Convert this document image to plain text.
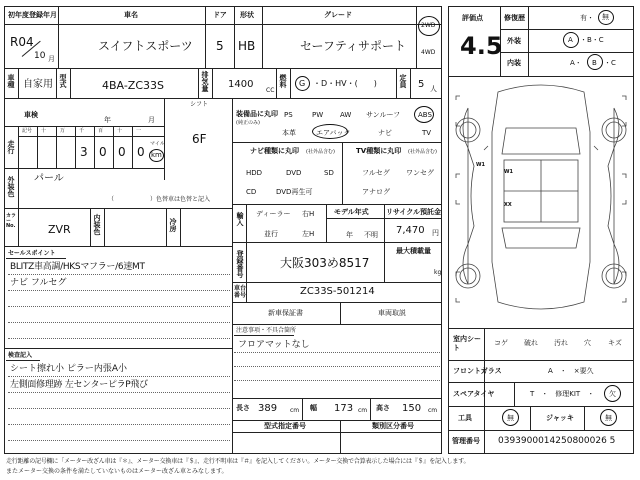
初年度登録年月
R04
10 月
車名
スイフトスポーツ
ドア
5
形状
HB
グレード
セーフティサポート
2WD
4WD
車種 自家用 型式	4BA-ZC33S	排気量 1400
CC
燃料 G ・D・HV・(　　)	定員 5 人
車検
年	月
シフト
6F
走行
記号 十	万	千
3
百
0
十
0
一
0
マイル
km
外装色 パール
（　　　　　　）色替車は色替と記入
カラー No.	ZVR	内装色	冷房
セールスポイント
BLITZ車高調/HKSマフラー/6速MT
ナビ フルセグ
検査記入
シート擦れ小 ピラー内張A小
左側面修理跡 左センターピラP飛び
装備品に丸印
(純正のみ)
PS	PW AW サンルーフ	ABS
本革	エアバック	ナビ	TV
ナビ種類に丸印 (社外品含む)
HDD	DVD	SD
CD	DVD再生可
TV種類に丸印 (社外品含む)
フルセグ ワンセグ
アナログ
輸入 ディーラー
並行
右H
左H
モデル年式
年 不明
リサイクル預託金
7,470 円
登録番号	大阪303め8517
最大積載量
kg
車台番号	ZC33S-501214
新車保証書	車両取説
注意事項・不具合箇所
フロアマットなし
長さ 389 cm 幅 173 cm 高さ 150 cm
型式指定番号	類別区分番号
評価点
4.5
修復歴	有・ 無
外装	A ・B・C
内装	A・ B ・C
W1
W1
XX
室内シート
コゲ 破れ 汚れ 穴 キズ
フロントガラス	A　・　×要久
スペアタイヤ	T　・　修理KIT　・ 欠
工具	無	ジャッキ	無
管理番号 0393900014250800026 5
走行距離の記号欄に「メーター改ざん車は『＊』、メーター交換車は『＄』、走行不明車は『＃』を記入してください。メーター交換で合算表示した場合には『＄』を記入します。
またメーター交換の条件を満たしていないものはメーター改ざん車とみなします。
